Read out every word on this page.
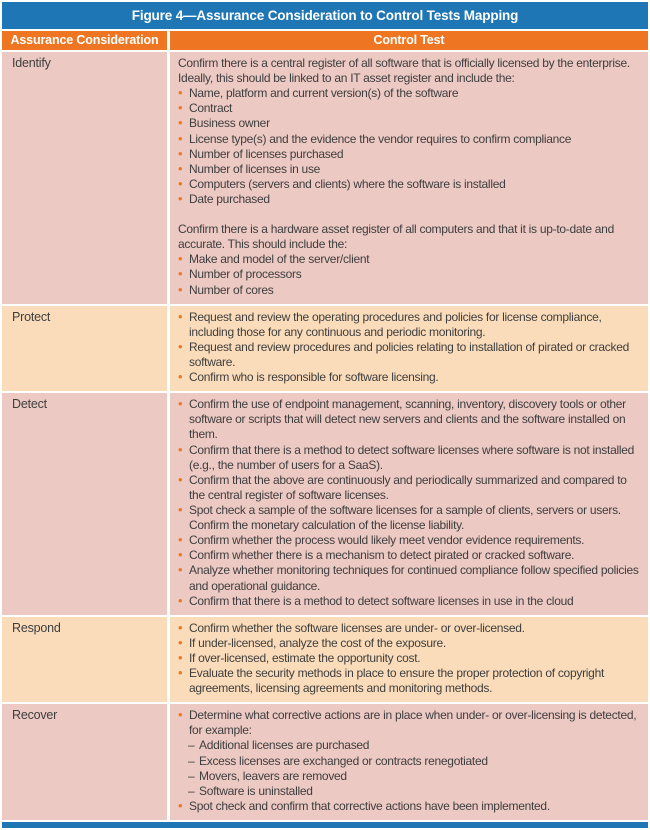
Figure 4—Assurance Consideration to Control Tests Mapping
Assurance Consideration	Control Test
Identify	Confirm there is a central register of all software that is officially licensed by the enterprise. Ideally, this should be linked to an IT asset register and include the:

• Name, platform and current version(s) of the software
• Contract
• Business owner
• License type(s) and the evidence the vendor requires to confirm compliance
• Number of licenses purchased
• Number of licenses in use
• Computers (servers and clients) where the software is installed
• Date purchased

Confirm there is a hardware asset register of all computers and that it is up-to-date and accurate. This should include the:

• Make and model of the server/client
• Number of processors
• Number of cores
Protect	• Request and review the operating procedures and policies for license compliance, including those for any continuous and periodic monitoring.
• Request and review procedures and policies relating to installation of pirated or cracked software.
• Confirm who is responsible for software licensing.
Detect	• Confirm the use of endpoint management, scanning, inventory, discovery tools or other software or scripts that will detect new servers and clients and the software installed on them.
• Confirm that there is a method to detect software licenses where software is not installed (e.g., the number of users for a SaaS).
• Confirm that the above are continuously and periodically summarized and compared to the central register of software licenses.
• Spot check a sample of the software licenses for a sample of clients, servers or users. Confirm the monetary calculation of the license liability.
• Confirm whether the process would likely meet vendor evidence requirements.
• Confirm whether there is a mechanism to detect pirated or cracked software.
• Analyze whether monitoring techniques for continued compliance follow specified policies and operational guidance.
• Confirm that there is a method to detect software licenses in use in the cloud
Respond	• Confirm whether the software licenses are under- or over-licensed.
• If under-licensed, analyze the cost of the exposure.
• If over-licensed, estimate the opportunity cost.
• Evaluate the security methods in place to ensure the proper protection of copyright agreements, licensing agreements and monitoring methods.
Recover	• Determine what corrective actions are in place when under- or over-licensing is detected, for example:
– Additional licenses are purchased
– Excess licenses are exchanged or contracts renegotiated
– Movers, leavers are removed
– Software is uninstalled
• Spot check and confirm that corrective actions have been implemented.
